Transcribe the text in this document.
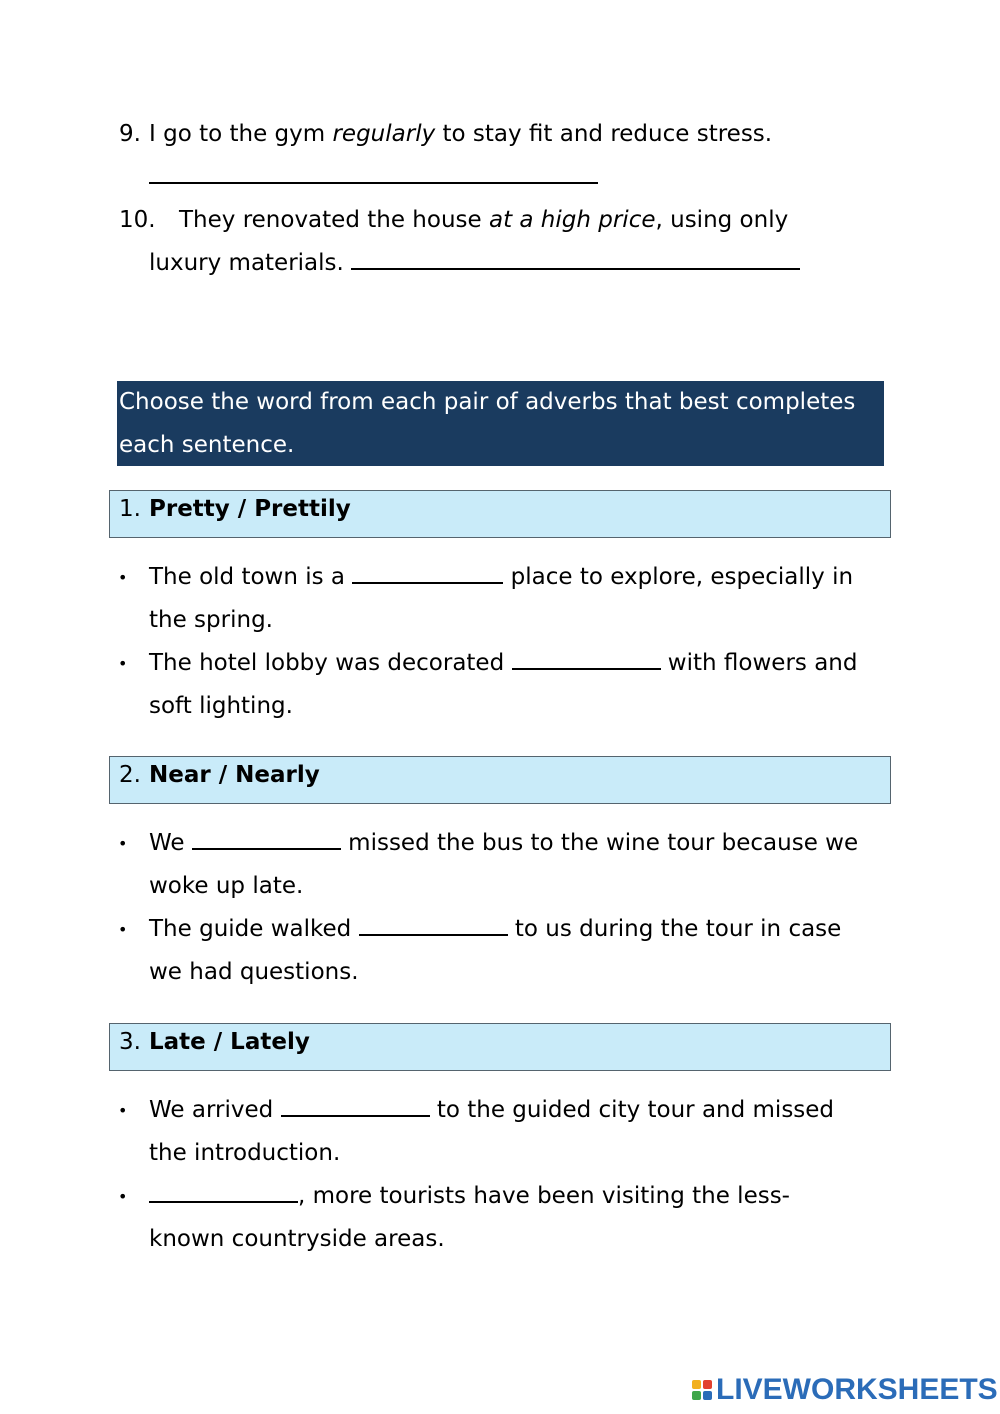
9. I go to the gym regularly to stay fit and reduce stress.
10. They renovated the house at a high price, using only
luxury materials.
Choose the word from each pair of adverbs that best completes
each sentence.
1. Pretty / Prettily
• The old town is a	place to explore, especially in
the spring.
• The hotel lobby was decorated	with flowers and
soft lighting.
2. Near / Nearly
• We	missed the bus to the wine tour because we
woke up late.
• The guide walked	to us during the tour in case
we had questions.
3. Late / Lately
• We arrived	to the guided city tour and missed
the introduction.
•	, more tourists have been visiting the less-
known countryside areas.
LIVEWORKSHEETS
